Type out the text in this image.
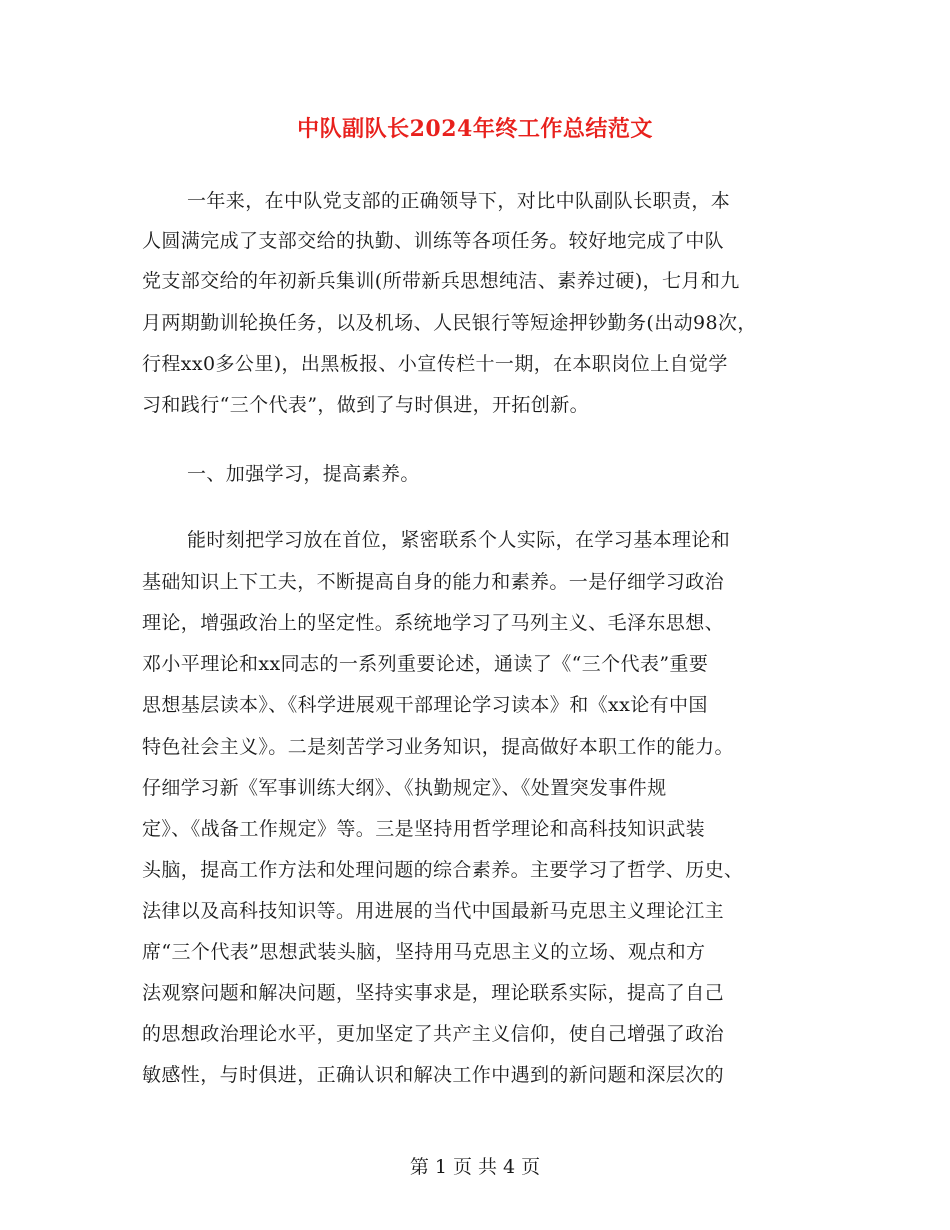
中队副队长2024年终工作总结范文
一年来，在中队党支部的正确领导下，对比中队副队长职责，本
人圆满完成了支部交给的执勤、训练等各项任务。较好地完成了中队
党支部交给的年初新兵集训(所带新兵思想纯洁、素养过硬)，七月和九
月两期勤训轮换任务，以及机场、人民银行等短途押钞勤务(出动98次，
行程xx0多公里)，出黑板报、小宣传栏十一期，在本职岗位上自觉学
习和践行“三个代表”，做到了与时俱进，开拓创新。
一、加强学习，提高素养。
能时刻把学习放在首位，紧密联系个人实际，在学习基本理论和
基础知识上下工夫，不断提高自身的能力和素养。一是仔细学习政治
理论，增强政治上的坚定性。系统地学习了马列主义、毛泽东思想、
邓小平理论和xx同志的一系列重要论述，通读了《“三个代表”重要
思想基层读本》、《科学进展观干部理论学习读本》和《xx论有中国
特色社会主义》。二是刻苦学习业务知识，提高做好本职工作的能力。
仔细学习新《军事训练大纲》、《执勤规定》、《处置突发事件规
定》、《战备工作规定》等。三是坚持用哲学理论和高科技知识武装
头脑，提高工作方法和处理问题的综合素养。主要学习了哲学、历史、
法律以及高科技知识等。用进展的当代中国最新马克思主义理论江主
席“三个代表”思想武装头脑，坚持用马克思主义的立场、观点和方
法观察问题和解决问题，坚持实事求是，理论联系实际，提高了自己
的思想政治理论水平，更加坚定了共产主义信仰，使自己增强了政治
敏感性，与时俱进，正确认识和解决工作中遇到的新问题和深层次的
第 1 页 共 4 页
